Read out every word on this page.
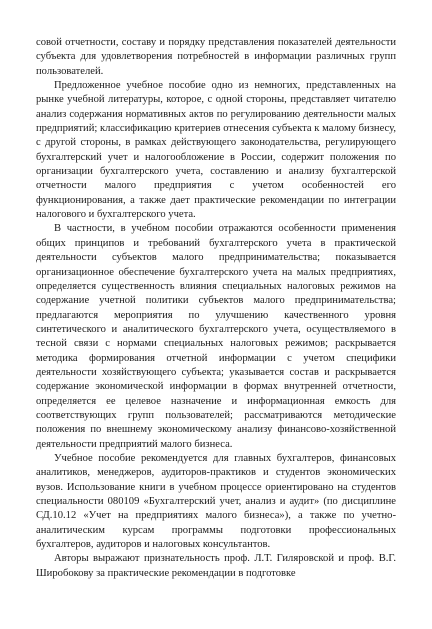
совой отчетности, составу и порядку представления показателей деятельности субъекта для удовлетворения потребностей в информации различных групп пользователей.

Предложенное учебное пособие одно из немногих, представленных на рынке учебной литературы, которое, с одной стороны, представляет читателю анализ содержания нормативных актов по регулированию деятельности малых предприятий; классификацию критериев отнесения субъекта к малому бизнесу, с другой стороны, в рамках действующего законодательства, регулирующего бухгалтерский учет и налогообложение в России, содержит положения по организации бухгалтерского учета, составлению и анализу бухгалтерской отчетности малого предприятия с учетом особенностей его функционирования, а также дает практические рекомендации по интеграции налогового и бухгалтерского учета.

В частности, в учебном пособии отражаются особенности применения общих принципов и требований бухгалтерского учета в практической деятельности субъектов малого предпринимательства; показывается организационное обеспечение бухгалтерского учета на малых предприятиях, определяется существенность влияния специальных налоговых режимов на содержание учетной политики субъектов малого предпринимательства; предлагаются мероприятия по улучшению качественного уровня синтетического и аналитического бухгалтерского учета, осуществляемого в тесной связи с нормами специальных налоговых режимов; раскрывается методика формирования отчетной информации с учетом специфики деятельности хозяйствующего субъекта; указывается состав и раскрывается содержание экономической информации в формах внутренней отчетности, определяется ее целевое назначение и информационная емкость для соответствующих групп пользователей; рассматриваются методические положения по внешнему экономическому анализу финансово-хозяйственной деятельности предприятий малого бизнеса.

Учебное пособие рекомендуется для главных бухгалтеров, финансовых аналитиков, менеджеров, аудиторов-практиков и студентов экономических вузов. Использование книги в учебном процессе ориентировано на студентов специальности 080109 «Бухгалтерский учет, анализ и аудит» (по дисциплине СД.10.12 «Учет на предприятиях малого бизнеса»), а также по учетно-аналитическим курсам программы подготовки профессиональных бухгалтеров, аудиторов и налоговых консультантов.

Авторы выражают признательность проф. Л.Т. Гиляровской и проф. В.Г. Широбокову за практические рекомендации в подготовке
